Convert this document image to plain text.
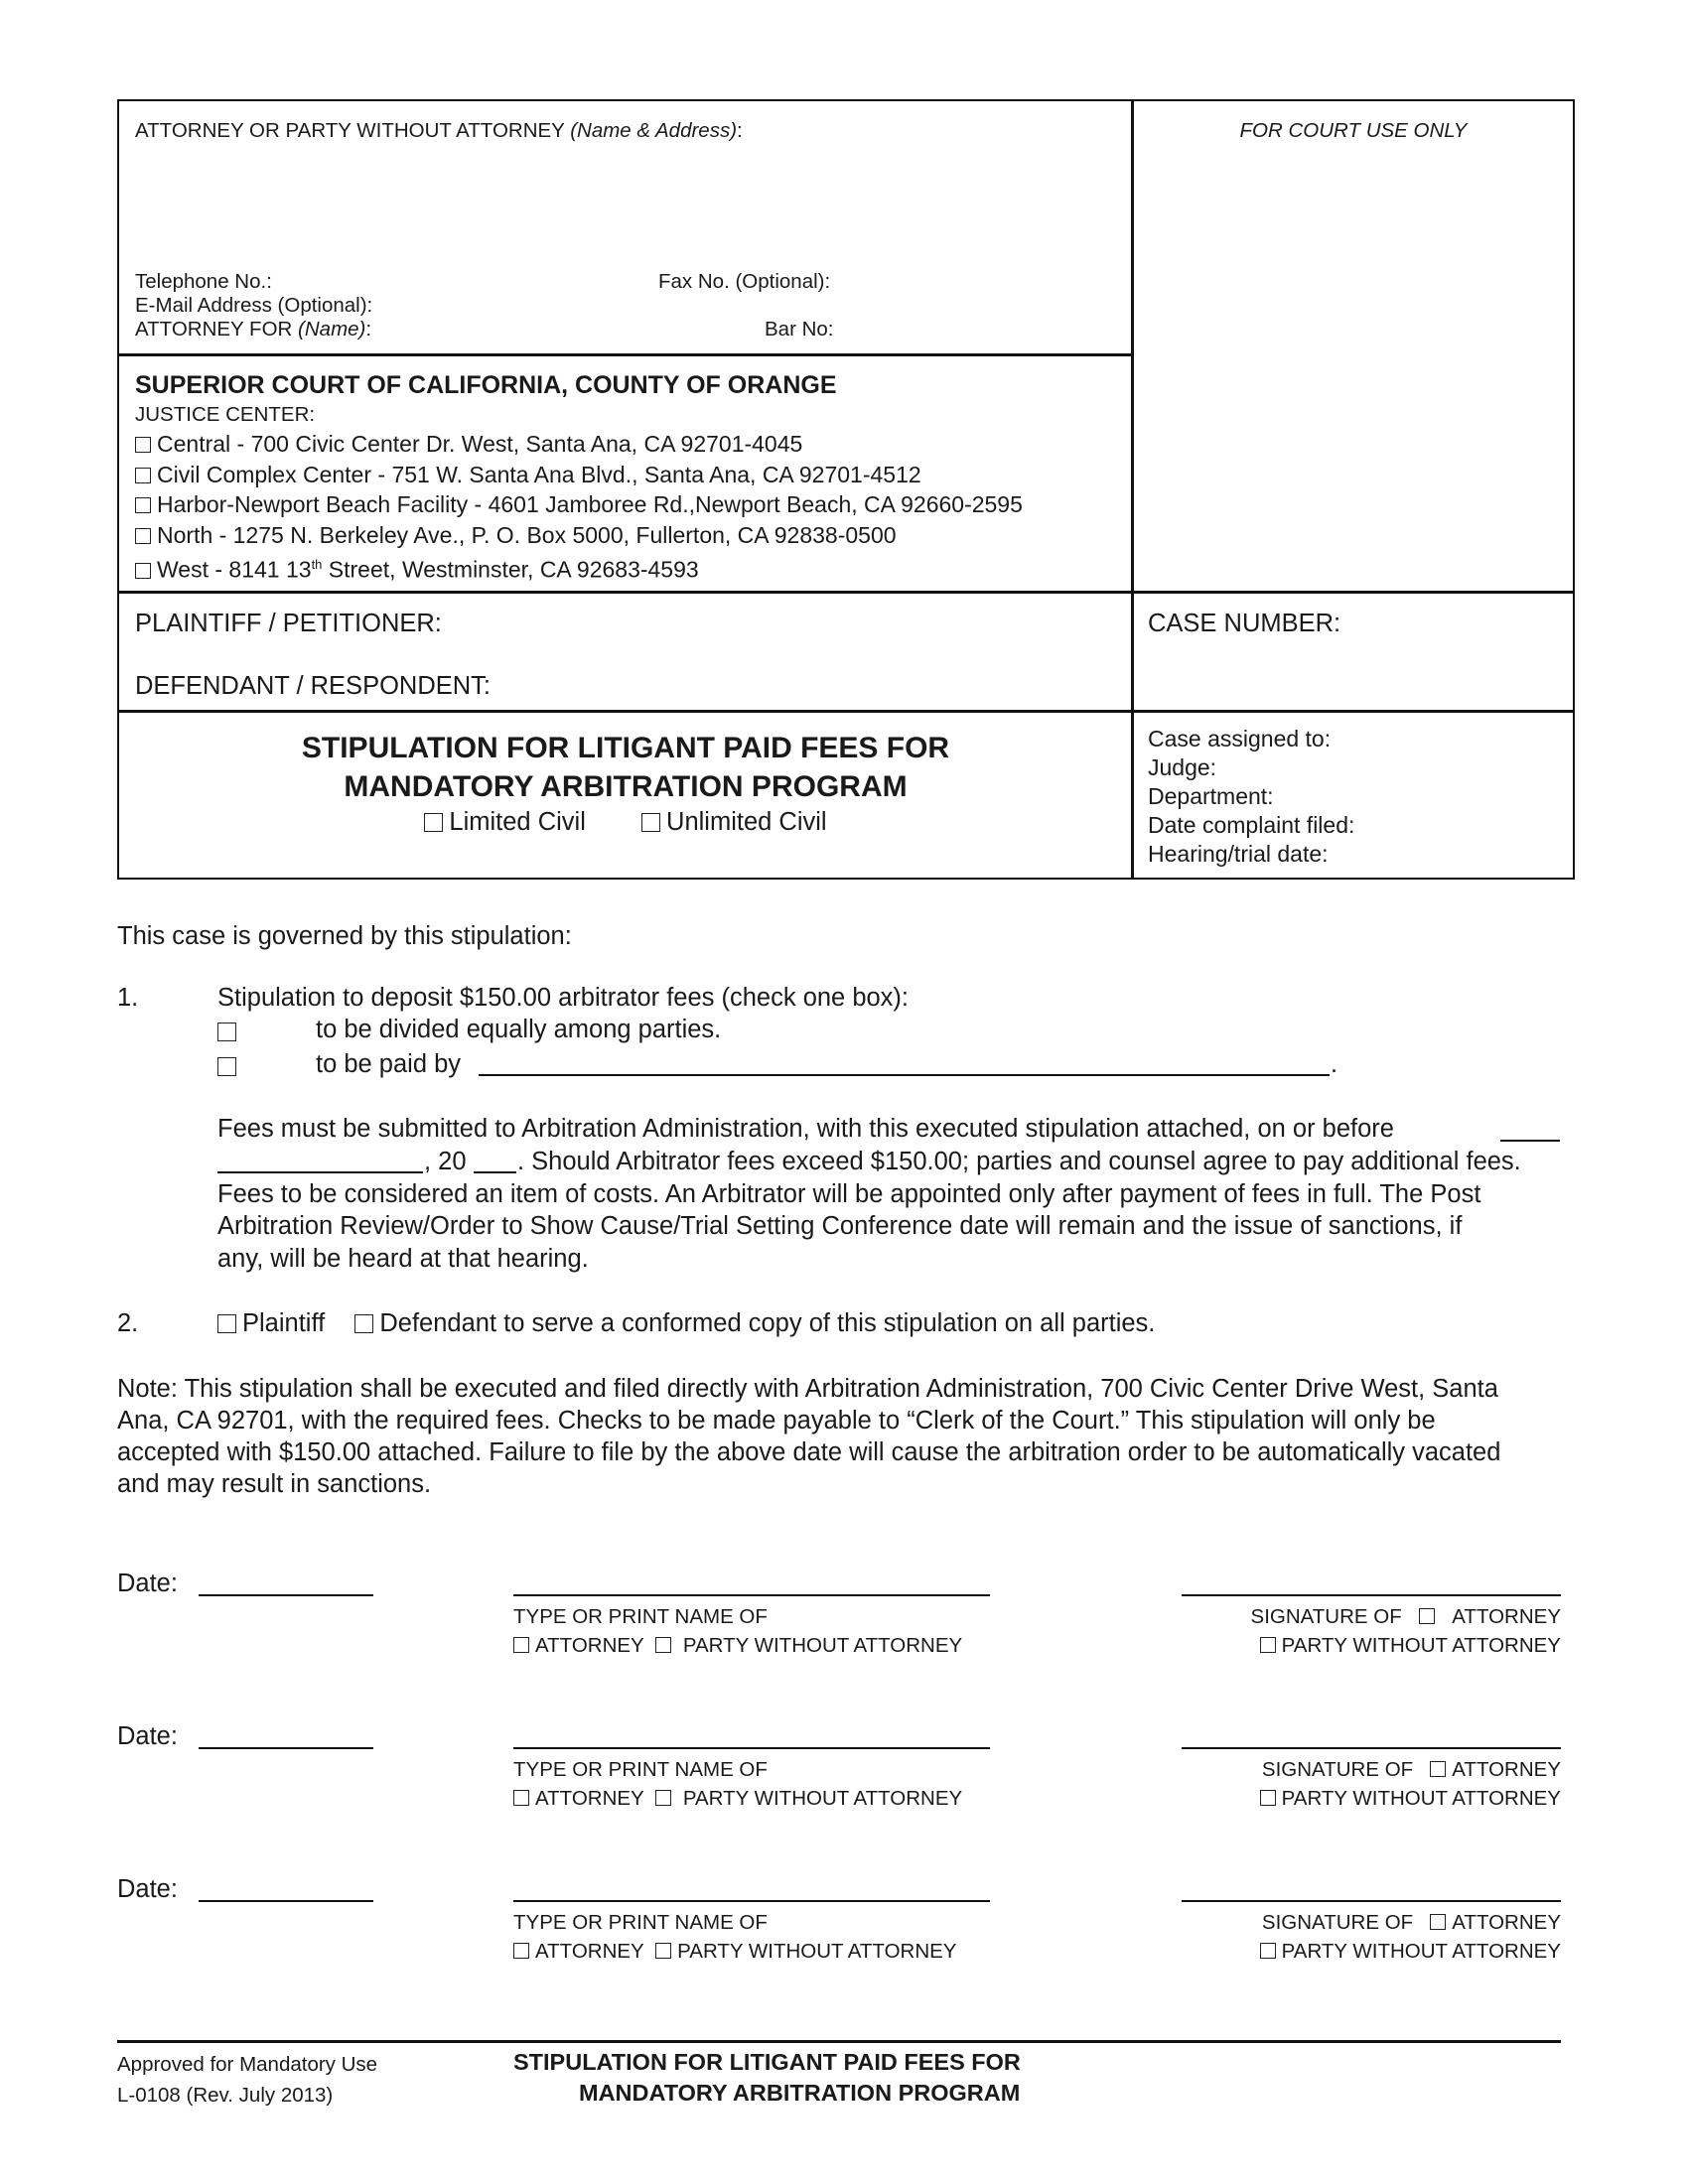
ATTORNEY OR PARTY WITHOUT ATTORNEY (Name & Address):
Telephone No.:	Fax No. (Optional):
E-Mail Address (Optional):
ATTORNEY FOR (Name):	Bar No:
FOR COURT USE ONLY
SUPERIOR COURT OF CALIFORNIA, COUNTY OF ORANGE
JUSTICE CENTER:
Central - 700 Civic Center Dr. West, Santa Ana, CA 92701-4045
Civil Complex Center - 751 W. Santa Ana Blvd., Santa Ana, CA 92701-4512
Harbor-Newport Beach Facility - 4601 Jamboree Rd.,Newport Beach, CA 92660-2595
North - 1275 N. Berkeley Ave., P. O. Box 5000, Fullerton, CA 92838-0500
West - 8141 13th Street, Westminster, CA 92683-4593
PLAINTIFF / PETITIONER:
DEFENDANT / RESPONDENT:
CASE NUMBER:
STIPULATION FOR LITIGANT PAID FEES FOR
MANDATORY ARBITRATION PROGRAM
Limited Civil	Unlimited Civil
Case assigned to:
Judge:
Department:
Date complaint filed:
Hearing/trial date:
This case is governed by this stipulation:
1.	Stipulation to deposit $150.00 arbitrator fees (check one box):
to be divided equally among parties.
to be paid by	.
Fees must be submitted to Arbitration Administration, with this executed stipulation attached, on or before
, 20 . Should Arbitrator fees exceed $150.00; parties and counsel agree to pay additional fees.
Fees to be considered an item of costs. An Arbitrator will be appointed only after payment of fees in full. The Post
Arbitration Review/Order to Show Cause/Trial Setting Conference date will remain and the issue of sanctions, if
any, will be heard at that hearing.
2.	Plaintiff Defendant to serve a conformed copy of this stipulation on all parties.
Note: This stipulation shall be executed and filed directly with Arbitration Administration, 700 Civic Center Drive West, Santa
Ana, CA 92701, with the required fees. Checks to be made payable to “Clerk of the Court.” This stipulation will only be
accepted with $150.00 attached. Failure to file by the above date will cause the arbitration order to be automatically vacated
and may result in sanctions.
Date:
TYPE OR PRINT NAME OF
ATTORNEY PARTY WITHOUT ATTORNEY
SIGNATURE OF ATTORNEY
PARTY WITHOUT ATTORNEY
Date:
TYPE OR PRINT NAME OF
ATTORNEY PARTY WITHOUT ATTORNEY
SIGNATURE OF ATTORNEY
PARTY WITHOUT ATTORNEY
Date:
TYPE OR PRINT NAME OF
ATTORNEY PARTY WITHOUT ATTORNEY
SIGNATURE OF ATTORNEY
PARTY WITHOUT ATTORNEY
Approved for Mandatory Use
L-0108 (Rev. July 2013)
STIPULATION FOR LITIGANT PAID FEES FOR
MANDATORY ARBITRATION PROGRAM
